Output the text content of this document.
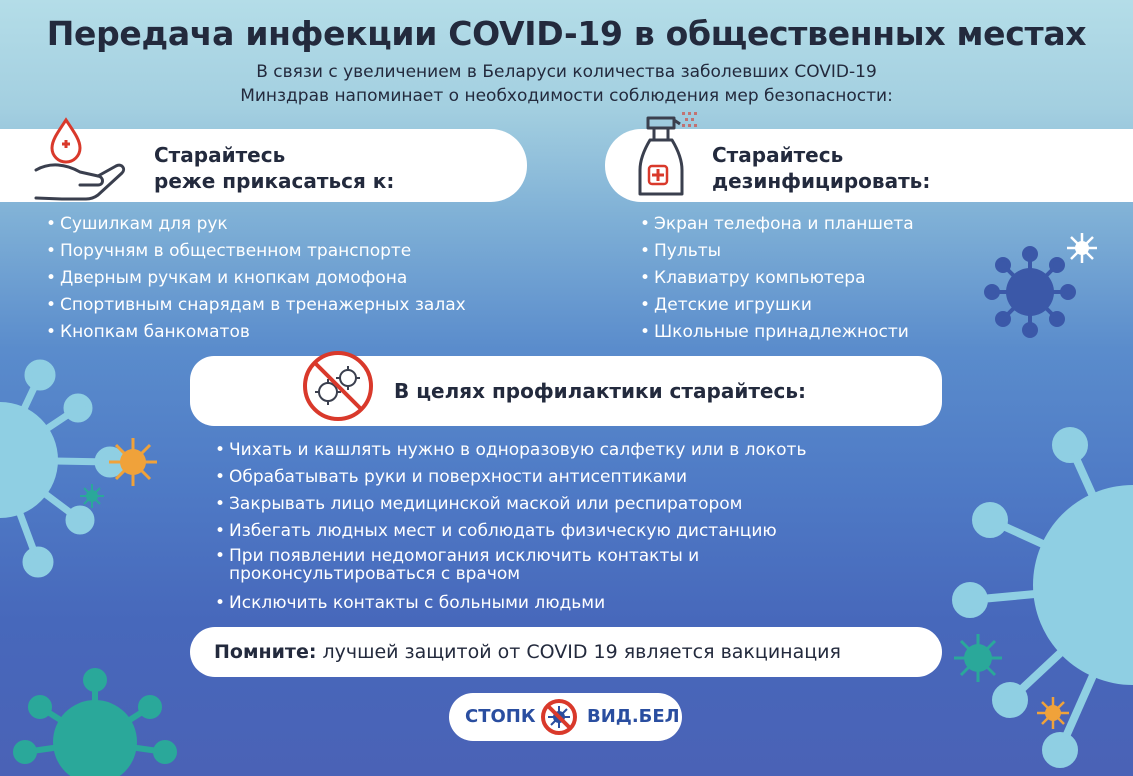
Передача инфекции COVID-19 в общественных местах
В связи с увеличением в Беларуси количества заболевших COVID-19
Минздрав напоминает о необходимости соблюдения мер безопасности:
Старайтесь
реже прикасаться к:
• Сушилкам для рук
• Поручням в общественном транспорте
• Дверным ручкам и кнопкам домофона
• Спортивным снарядам в тренажерных залах
• Кнопкам банкоматов
Старайтесь
дезинфицировать:
• Экран телефона и планшета
• Пульты
• Клавиатру компьютера
• Детские игрушки
• Школьные принадлежности
В целях профилактики старайтесь:
• Чихать и кашлять нужно в одноразовую салфетку или в локоть
• Обрабатывать руки и поверхности антисептиками
• Закрывать лицо медицинской маской или респиратором
• Избегать людных мест и соблюдать физическую дистанцию
• При появлении недомогания исключить контакты и проконсультироваться с врачом
• Исключить контакты с больными людьми
Помните: лучшей защитой от COVID 19 является вакцинация
СТОПК	ВИД.БЕЛ
